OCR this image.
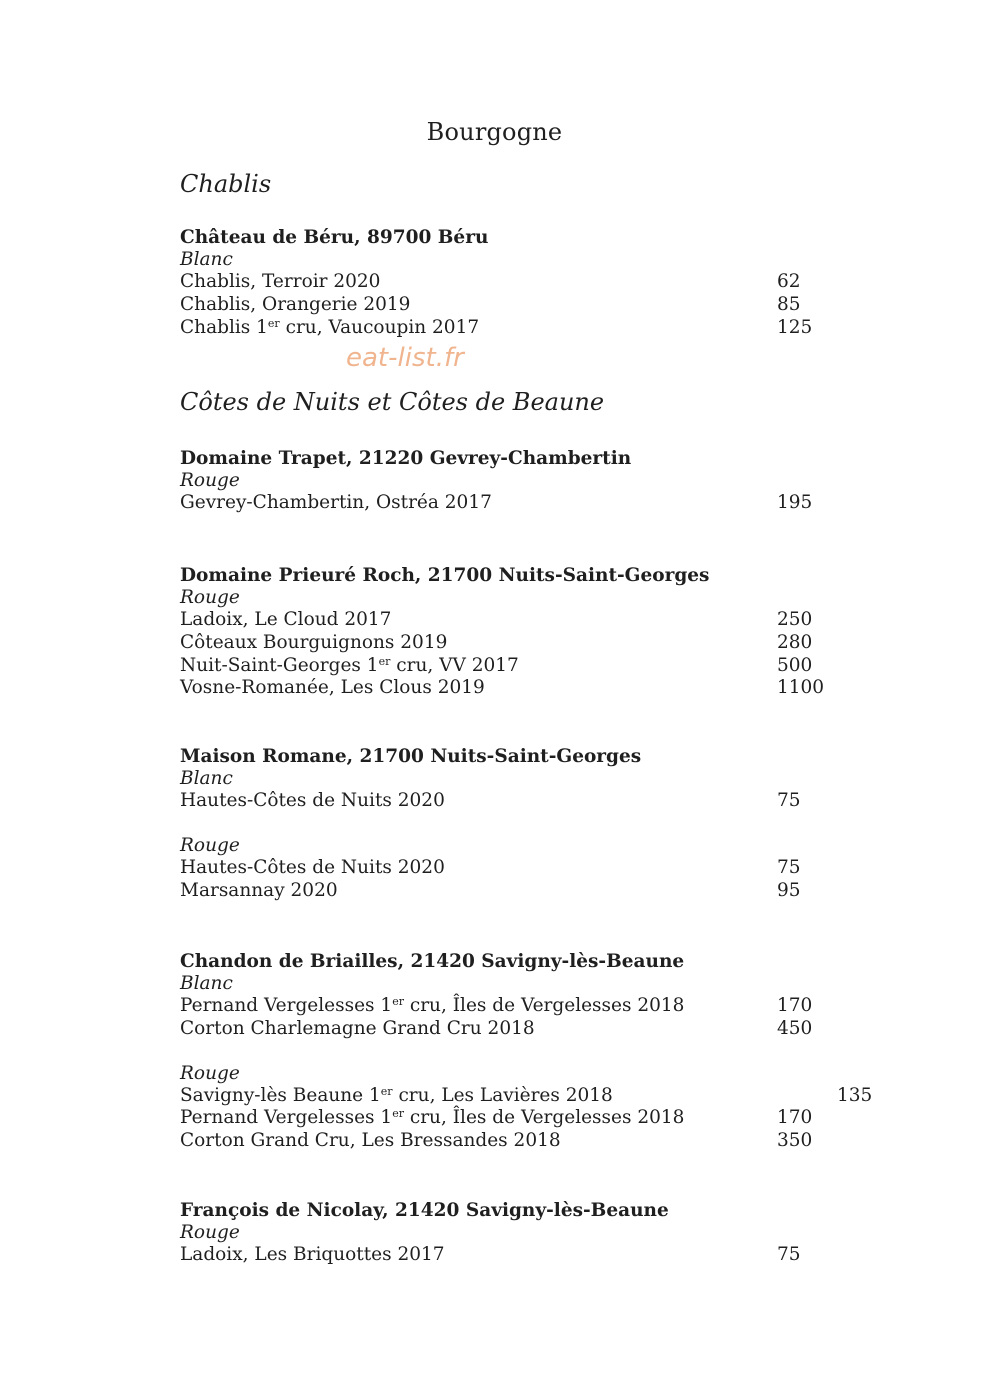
Bourgogne
Chablis
eat-list.fr
Côtes de Nuits et Côtes de Beaune
Château de Béru, 89700 Béru
Blanc
Chablis, Terroir 2020	62
Chablis, Orangerie 2019	85
Chablis 1er cru, Vaucoupin 2017	125
Domaine Trapet, 21220 Gevrey-Chambertin
Rouge
Gevrey-Chambertin, Ostréa 2017	195
Domaine Prieuré Roch, 21700 Nuits-Saint-Georges
Rouge
Ladoix, Le Cloud 2017	250
Côteaux Bourguignons 2019	280
Nuit-Saint-Georges 1er cru, VV 2017	500
Vosne-Romanée, Les Clous 2019	1100
Maison Romane, 21700 Nuits-Saint-Georges
Blanc
Hautes-Côtes de Nuits 2020	75
Rouge
Hautes-Côtes de Nuits 2020	75
Marsannay 2020	95
Chandon de Briailles, 21420 Savigny-lès-Beaune
Blanc
Pernand Vergelesses 1er cru, Îles de Vergelesses 2018	170
Corton Charlemagne Grand Cru 2018	450
Rouge
Savigny-lès Beaune 1er cru, Les Lavières 2018	135
Pernand Vergelesses 1er cru, Îles de Vergelesses 2018	170
Corton Grand Cru, Les Bressandes 2018	350
François de Nicolay, 21420 Savigny-lès-Beaune
Rouge
Ladoix, Les Briquottes 2017	75
